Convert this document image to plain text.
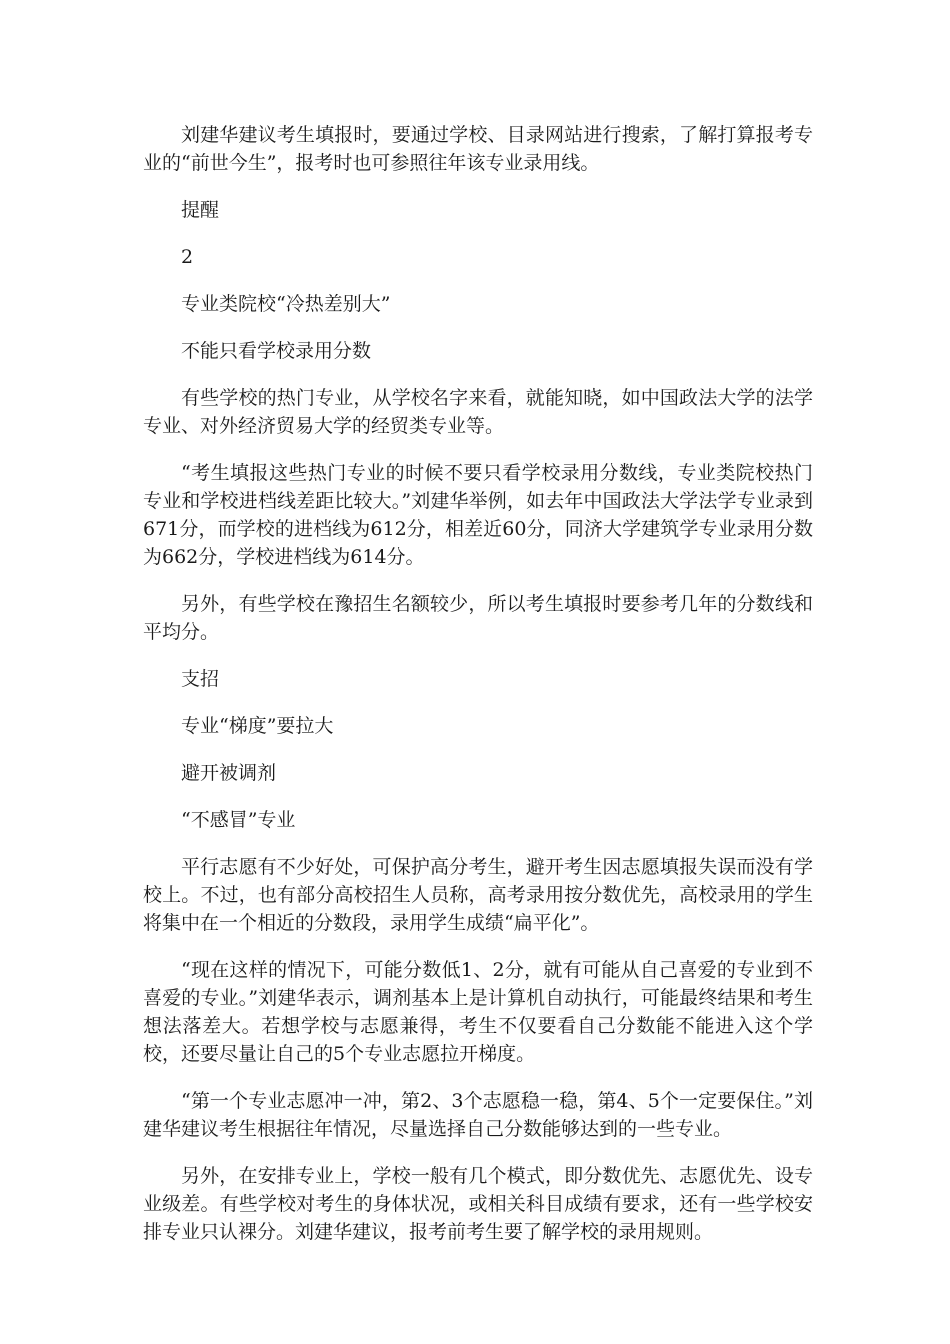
刘建华建议考生填报时，要通过学校、目录网站进行搜索，了解打算报考专业的“前世今生”，报考时也可参照往年该专业录用线。

提醒

2

专业类院校“冷热差别大”

不能只看学校录用分数

有些学校的热门专业，从学校名字来看，就能知晓，如中国政法大学的法学专业、对外经济贸易大学的经贸类专业等。

“考生填报这些热门专业的时候不要只看学校录用分数线，专业类院校热门专业和学校进档线差距比较大。”刘建华举例，如去年中国政法大学法学专业录到671分，而学校的进档线为612分，相差近60分，同济大学建筑学专业录用分数为662分，学校进档线为614分。

另外，有些学校在豫招生名额较少，所以考生填报时要参考几年的分数线和平均分。

支招

专业“梯度”要拉大

避开被调剂

“不感冒”专业

平行志愿有不少好处，可保护高分考生，避开考生因志愿填报失误而没有学校上。不过，也有部分高校招生人员称，高考录用按分数优先，高校录用的学生将集中在一个相近的分数段，录用学生成绩“扁平化”。

“现在这样的情况下，可能分数低1、2分，就有可能从自己喜爱的专业到不喜爱的专业。”刘建华表示，调剂基本上是计算机自动执行，可能最终结果和考生想法落差大。若想学校与志愿兼得，考生不仅要看自己分数能不能进入这个学校，还要尽量让自己的5个专业志愿拉开梯度。

“第一个专业志愿冲一冲，第2、3个志愿稳一稳，第4、5个一定要保住。”刘建华建议考生根据往年情况，尽量选择自己分数能够达到的一些专业。

另外，在安排专业上，学校一般有几个模式，即分数优先、志愿优先、设专业级差。有些学校对考生的身体状况，或相关科目成绩有要求，还有一些学校安排专业只认裸分。刘建华建议，报考前考生要了解学校的录用规则。
